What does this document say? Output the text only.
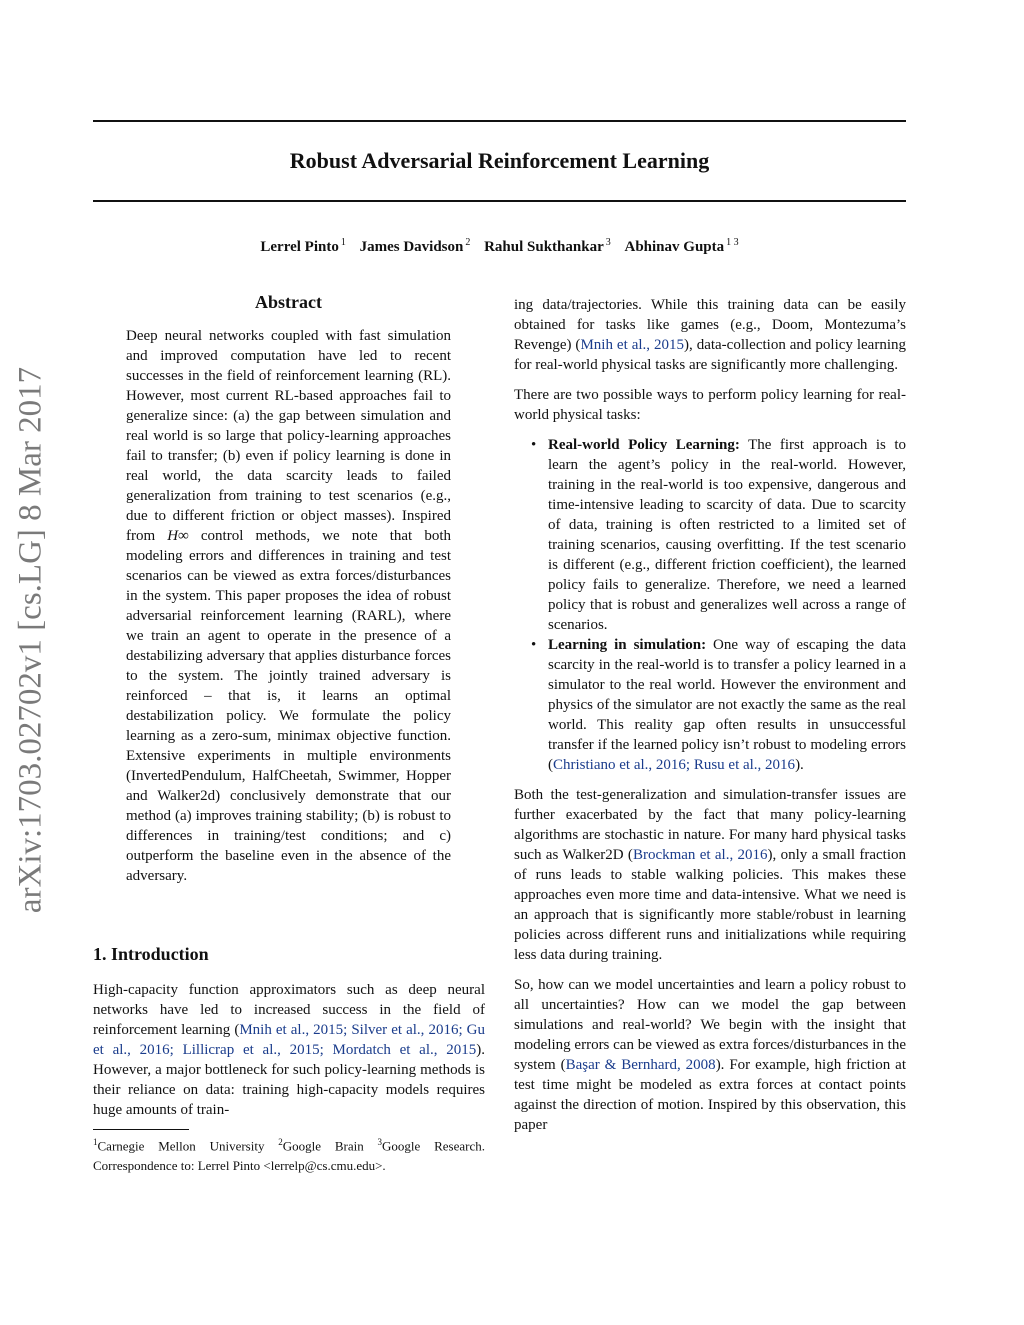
arXiv:1703.02702v1 [cs.LG] 8 Mar 2017
Robust Adversarial Reinforcement Learning
Lerrel Pinto $^1$ James Davidson $^2$ Rahul Sukthankar $^3$ Abhinav Gupta $^{1 3}$
Abstract

Deep neural networks coupled with fast simulation and improved computation have led to recent successes in the field of reinforcement learning (RL). However, most current RL-based approaches fail to generalize since: (a) the gap between simulation and real world is so large that policy-learning approaches fail to transfer; (b) even if policy learning is done in real world, the data scarcity leads to failed generalization from training to test scenarios (e.g., due to different friction or object masses). Inspired from H∞ control methods, we note that both modeling errors and differences in training and test scenarios can be viewed as extra forces/disturbances in the system. This paper proposes the idea of robust adversarial reinforcement learning (RARL), where we train an agent to operate in the presence of a destabilizing adversary that applies disturbance forces to the system. The jointly trained adversary is reinforced – that is, it learns an optimal destabilization policy. We formulate the policy learning as a zero-sum, minimax objective function. Extensive experiments in multiple environments (InvertedPendulum, HalfCheetah, Swimmer, Hopper and Walker2d) conclusively demonstrate that our method (a) improves training stability; (b) is robust to differences in training/test conditions; and c) outperform the baseline even in the absence of the adversary.

1. Introduction

High-capacity function approximators such as deep neural networks have led to increased success in the field of reinforcement learning (Mnih et al., 2015; Silver et al., 2016; Gu et al., 2016; Lillicrap et al., 2015; Mordatch et al., 2015). However, a major bottleneck for such policy-learning methods is their reliance on data: training high-capacity models requires huge amounts of train-

$^1$Carnegie Mellon University $^2$Google Brain $^3$Google Research. Correspondence to: Lerrel Pinto <lerrelp@cs.cmu.edu>.

ing data/trajectories. While this training data can be easily obtained for tasks like games (e.g., Doom, Montezuma’s Revenge) (Mnih et al., 2015), data-collection and policy learning for real-world physical tasks are significantly more challenging.

There are two possible ways to perform policy learning for real-world physical tasks:

• Real-world Policy Learning: The first approach is to learn the agent’s policy in the real-world. However, training in the real-world is too expensive, dangerous and time-intensive leading to scarcity of data. Due to scarcity of data, training is often restricted to a limited set of training scenarios, causing overfitting. If the test scenario is different (e.g., different friction coefficient), the learned policy fails to generalize. Therefore, we need a learned policy that is robust and generalizes well across a range of scenarios.
• Learning in simulation: One way of escaping the data scarcity in the real-world is to transfer a policy learned in a simulator to the real world. However the environment and physics of the simulator are not exactly the same as the real world. This reality gap often results in unsuccessful transfer if the learned policy isn’t robust to modeling errors (Christiano et al., 2016; Rusu et al., 2016).

Both the test-generalization and simulation-transfer issues are further exacerbated by the fact that many policy-learning algorithms are stochastic in nature. For many hard physical tasks such as Walker2D (Brockman et al., 2016), only a small fraction of runs leads to stable walking policies. This makes these approaches even more time and data-intensive. What we need is an approach that is significantly more stable/robust in learning policies across different runs and initializations while requiring less data during training.

So, how can we model uncertainties and learn a policy robust to all uncertainties? How can we model the gap between simulations and real-world? We begin with the insight that modeling errors can be viewed as extra forces/disturbances in the system (Başar & Bernhard, 2008). For example, high friction at test time might be modeled as extra forces at contact points against the direction of motion. Inspired by this observation, this paper
